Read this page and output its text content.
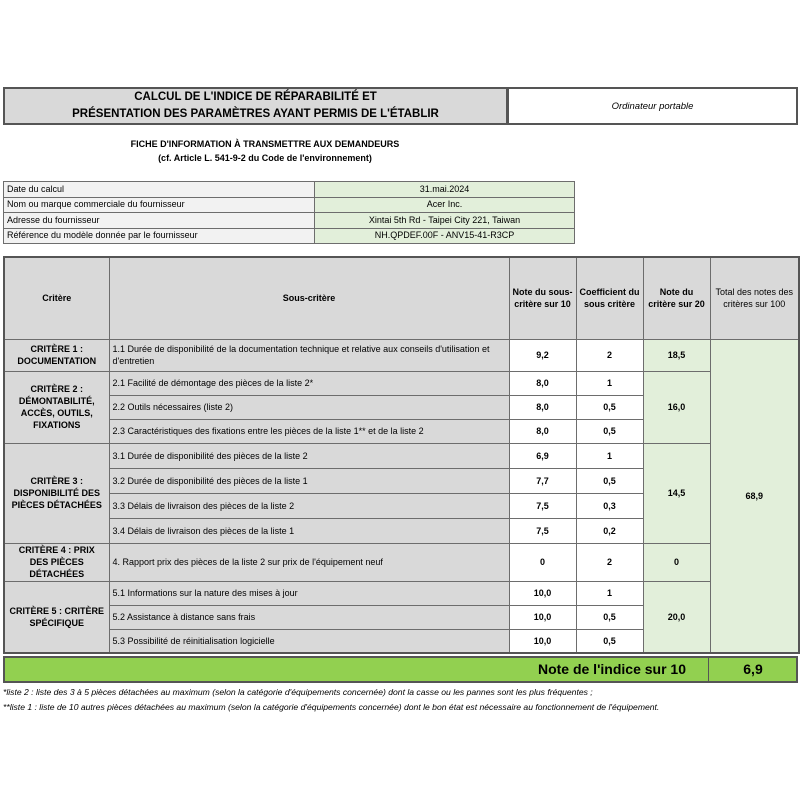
CALCUL DE L'INDICE DE RÉPARABILITÉ ET
PRÉSENTATION DES PARAMÈTRES AYANT PERMIS DE L'ÉTABLIR
Ordinateur portable
FICHE D'INFORMATION À TRANSMETTRE AUX DEMANDEURS
(cf. Article L. 541-9-2 du Code de l'environnement)
Date du calcul	31.mai.2024
Nom ou marque commerciale du fournisseur	Acer Inc.
Adresse du fournisseur	Xintai 5th Rd - Taipei City 221, Taiwan
Référence du modèle donnée par le fournisseur	NH.QPDEF.00F - ANV15-41-R3CP
Critère	Sous-critère	Note du sous-critère sur 10	Coefficient du sous critère	Note du critère sur 20	Total des notes des critères sur 100
CRITÈRE 1 : DOCUMENTATION	1.1 Durée de disponibilité de la documentation technique et relative aux conseils d'utilisation et d'entretien	9,2	2	18,5	68,9
CRITÈRE 2 : DÉMONTABILITÉ, ACCÈS, OUTILS, FIXATIONS	2.1 Facilité de démontage des pièces de la liste 2*	8,0	1	16,0	
	2.2 Outils nécessaires (liste 2)	8,0	0,5		
	2.3 Caractéristiques des fixations entre les pièces de la liste 1** et de la liste 2	8,0	0,5		
CRITÈRE 3 : DISPONIBILITÉ DES PIÈCES DÉTACHÉES	3.1 Durée de disponibilité des pièces de la liste 2	6,9	1	14,5	
	3.2 Durée de disponibilité des pièces de la liste 1	7,7	0,5		
	3.3 Délais de livraison des pièces de la liste 2	7,5	0,3		
	3.4 Délais de livraison des pièces de la liste 1	7,5	0,2		
CRITÈRE 4 : PRIX DES PIÈCES DÉTACHÉES	4. Rapport prix des pièces de la liste 2 sur prix de l'équipement neuf	0	2	0	
CRITÈRE 5 : CRITÈRE SPÉCIFIQUE	5.1 Informations sur la nature des mises à jour	10,0	1	20,0	
	5.2 Assistance à distance sans frais	10,0	0,5		
	5.3 Possibilité de réinitialisation logicielle	10,0	0,5		
Note de l'indice sur 10	6,9
*liste 2 : liste des 3 à 5 pièces détachées au maximum (selon la catégorie d'équipements concernée) dont la casse ou les pannes sont les plus fréquentes ;
**liste 1 : liste de 10 autres pièces détachées au maximum (selon la catégorie d'équipements concernée) dont le bon état est nécessaire au fonctionnement de l'équipement.
